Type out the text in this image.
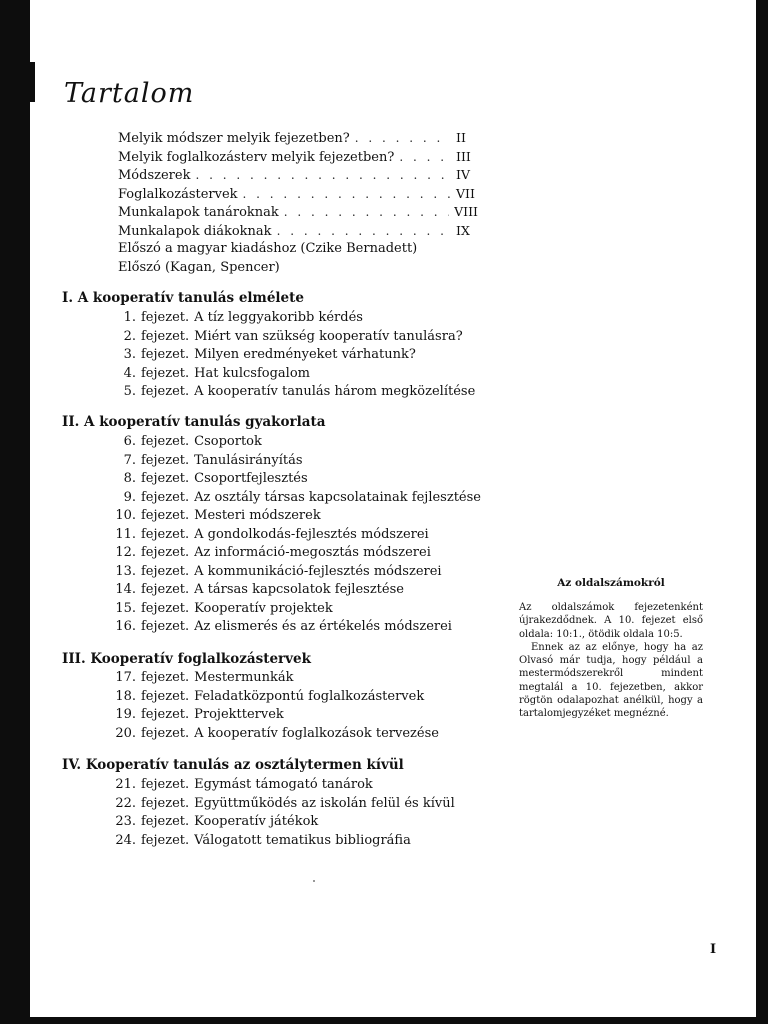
Tartalom
Melyik módszer melyik fejezetben? . . .	II
Melyik foglalkozásterv melyik fejezetben? . . .	III
Módszerek . . .	IV
Foglalkozástervek . . .	VII
Munkalapok tanároknak . . .	VIII
Munkalapok diákoknak . . .	IX
Előszó a magyar kiadáshoz (Czike Bernadett)
Előszó (Kagan, Spencer)
I. A kooperatív tanulás elmélete
1. fejezet. A tíz leggyakoribb kérdés
2. fejezet. Miért van szükség kooperatív tanulásra?
3. fejezet. Milyen eredményeket várhatunk?
4. fejezet. Hat kulcsfogalom
5. fejezet. A kooperatív tanulás három megközelítése
II. A kooperatív tanulás gyakorlata
6. fejezet. Csoportok
7. fejezet. Tanulásirányítás
8. fejezet. Csoportfejlesztés
9. fejezet. Az osztály társas kapcsolatainak fejlesztése
10. fejezet. Mesteri módszerek
11. fejezet. A gondolkodás-fejlesztés módszerei
12. fejezet. Az információ-megosztás módszerei
13. fejezet. A kommunikáció-fejlesztés módszerei
14. fejezet. A társas kapcsolatok fejlesztése
15. fejezet. Kooperatív projektek
16. fejezet. Az elismerés és az értékelés módszerei
III. Kooperatív foglalkozástervek
17. fejezet. Mestermunkák
18. fejezet. Feladatközpontú foglalkozástervek
19. fejezet. Projekttervek
20. fejezet. A kooperatív foglalkozások tervezése
IV. Kooperatív tanulás az osztálytermen kívül
21. fejezet. Egymást támogató tanárok
22. fejezet. Együttműködés az iskolán felül és kívül
23. fejezet. Kooperatív játékok
24. fejezet. Válogatott tematikus bibliográfia
Az oldalszámokról

Az oldalszámok fejezetenként újrakezdődnek. A 10. fejezet első oldala: 10:1., ötödik oldala 10:5.

Ennek az az előnye, hogy ha az Olvasó már tudja, hogy például a mestermódszerekről mindent megtalál a 10. fejezetben, akkor rögtön odalapozhat anélkül, hogy a tartalomjegyzéket megnézné.

I
